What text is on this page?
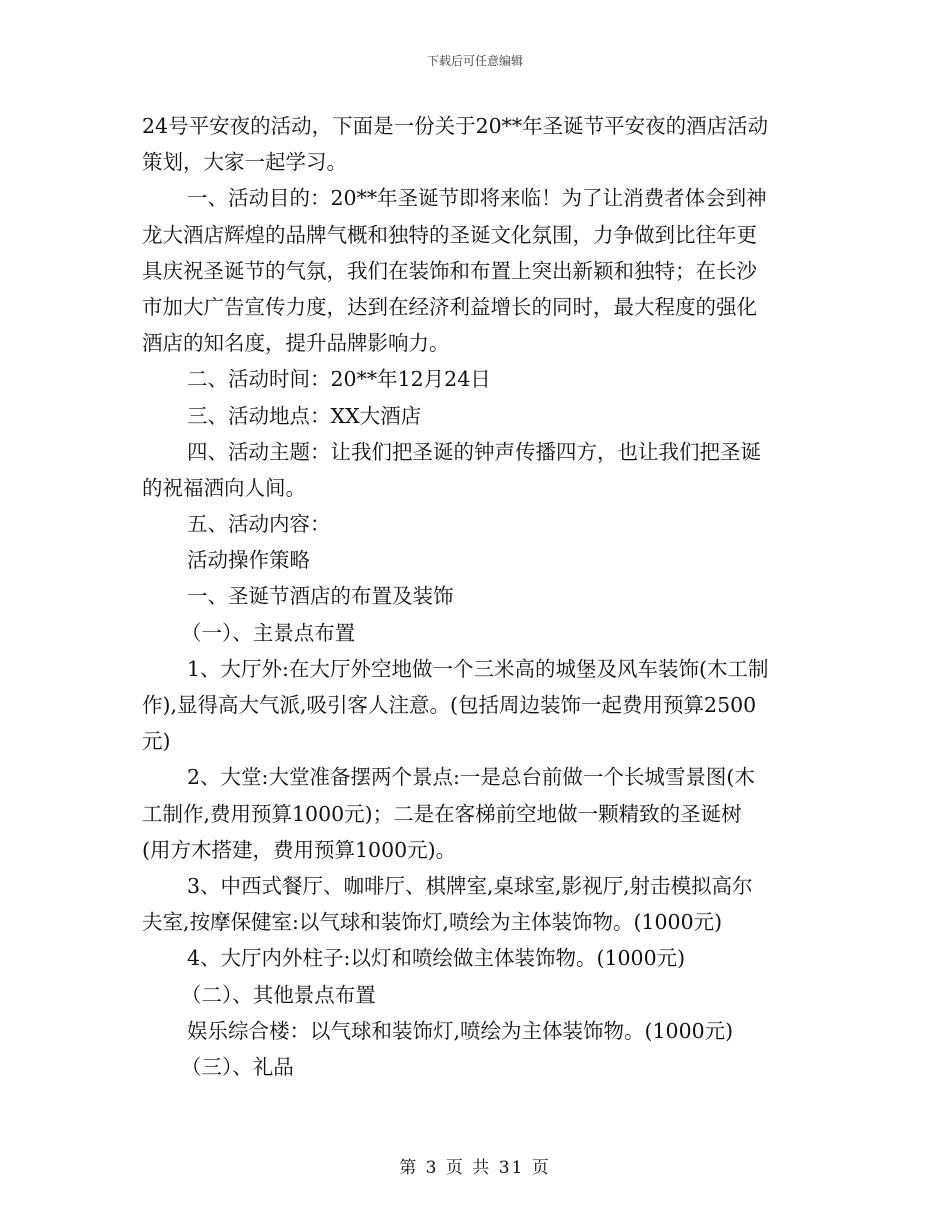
下载后可任意编辑
24号平安夜的活动，下面是一份关于20**年圣诞节平安夜的酒店活动
策划，大家一起学习。
一、活动目的：20**年圣诞节即将来临！为了让消费者体会到神
龙大酒店辉煌的品牌气概和独特的圣诞文化氛围，力争做到比往年更
具庆祝圣诞节的气氛，我们在装饰和布置上突出新颖和独特；在长沙
市加大广告宣传力度，达到在经济利益增长的同时，最大程度的强化
酒店的知名度，提升品牌影响力。
二、活动时间：20**年12月24日
三、活动地点：XX大酒店
四、活动主题：让我们把圣诞的钟声传播四方，也让我们把圣诞
的祝福洒向人间。
五、活动内容：
活动操作策略
一、圣诞节酒店的布置及装饰
（一）、主景点布置
1、大厅外:在大厅外空地做一个三米高的城堡及风车装饰(木工制
作),显得高大气派,吸引客人注意。(包括周边装饰一起费用预算2500
元)
2、大堂:大堂准备摆两个景点:一是总台前做一个长城雪景图(木
工制作,费用预算1000元)；二是在客梯前空地做一颗精致的圣诞树
(用方木搭建，费用预算1000元)。
3、中西式餐厅、咖啡厅、棋牌室,桌球室,影视厅,射击模拟高尔
夫室,按摩保健室:以气球和装饰灯,喷绘为主体装饰物。(1000元)
4、大厅内外柱子:以灯和喷绘做主体装饰物。(1000元)
（二）、其他景点布置
娱乐综合楼：以气球和装饰灯,喷绘为主体装饰物。(1000元)
（三）、礼品
第 3 页 共 31 页
